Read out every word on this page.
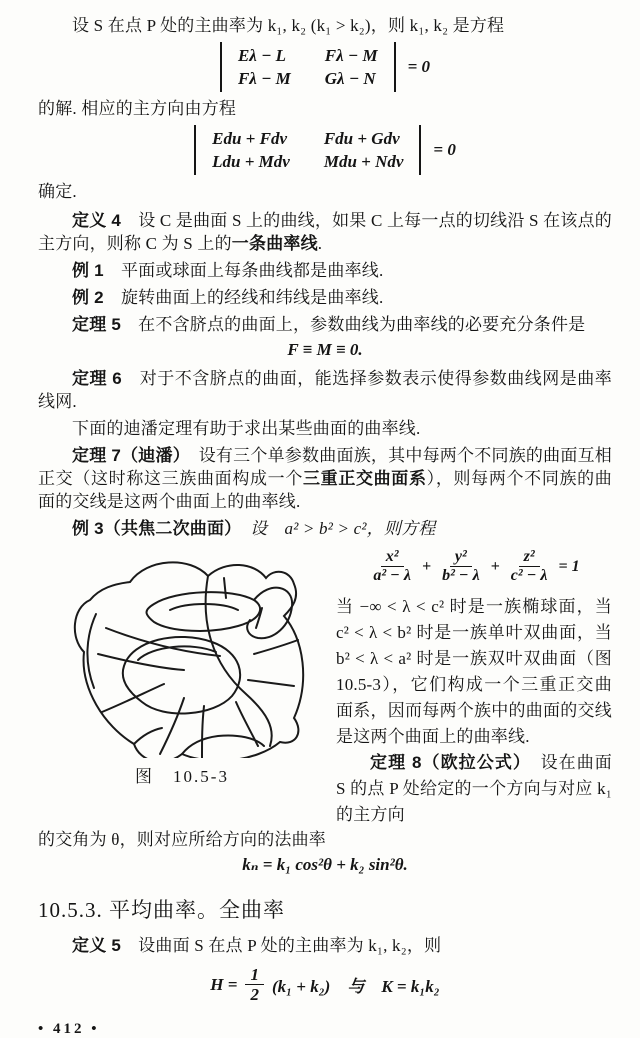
设 S 在点 P 处的主曲率为 k₁, k₂ (k₁ > k₂)，则 k₁, k₂ 是方程

Eλ − L Fλ − M
Fλ − M Gλ − N
= 0

的解. 相应的主方向由方程

Edu + Fdv Fdu + Gdv
Ldu + Mdv Mdu + Ndv
= 0

确定.

定义 4　设 C 是曲面 S 上的曲线，如果 C 上每一点的切线沿 S 在该点的主方向，则称 C 为 S 上的一条曲率线.

例 1　平面或球面上每条曲线都是曲率线.

例 2　旋转曲面上的经线和纬线是曲率线.

定理 5　在不含脐点的曲面上，参数曲线为曲率线的必要充分条件是

F ≡ M ≡ 0.

定理 6　对于不含脐点的曲面，能选择参数表示使得参数曲线网是曲率线网.

下面的迪潘定理有助于求出某些曲面的曲率线.

定理 7（迪潘）　设有三个单参数曲面族，其中每两个不同族的曲面互相正交（这时称这三族曲面构成一个三重正交曲面系），则每两个不同族的曲面的交线是这两个曲面上的曲率线.

例 3（共焦二次曲面）　设　a² > b² > c²，则方程

图　10.5-3
$\frac{\text{x²}}{\text{a² − λ}} + \frac{\text{y²}}{\text{b² − λ}} + \frac{\text{z²}}{\text{c² − λ}} = 1$

当 −∞ < λ < c² 时是一族椭球面，当 c² < λ < b² 时是一族单叶双曲面，当 b² < λ < a² 时是一族双叶双曲面（图10.5-3），它们构成一个三重正交曲面系，因而每两个族中的曲面的交线是这两个曲面上的曲率线.

定理 8（欧拉公式）　设在曲面 S 的点 P 处给定的一个方向与对应 k₁ 的主方向

的交角为 θ，则对应所给方向的法曲率

kₙ = k₁ cos²θ + k₂ sin²θ.
10.5.3. 平均曲率。全曲率

定义 5　设曲面 S 在点 P 处的主曲率为 k₁, k₂，则

$H = \frac{1}{2} (k_1 + k_2)$　与　K = k₁k₂
• 412 •
